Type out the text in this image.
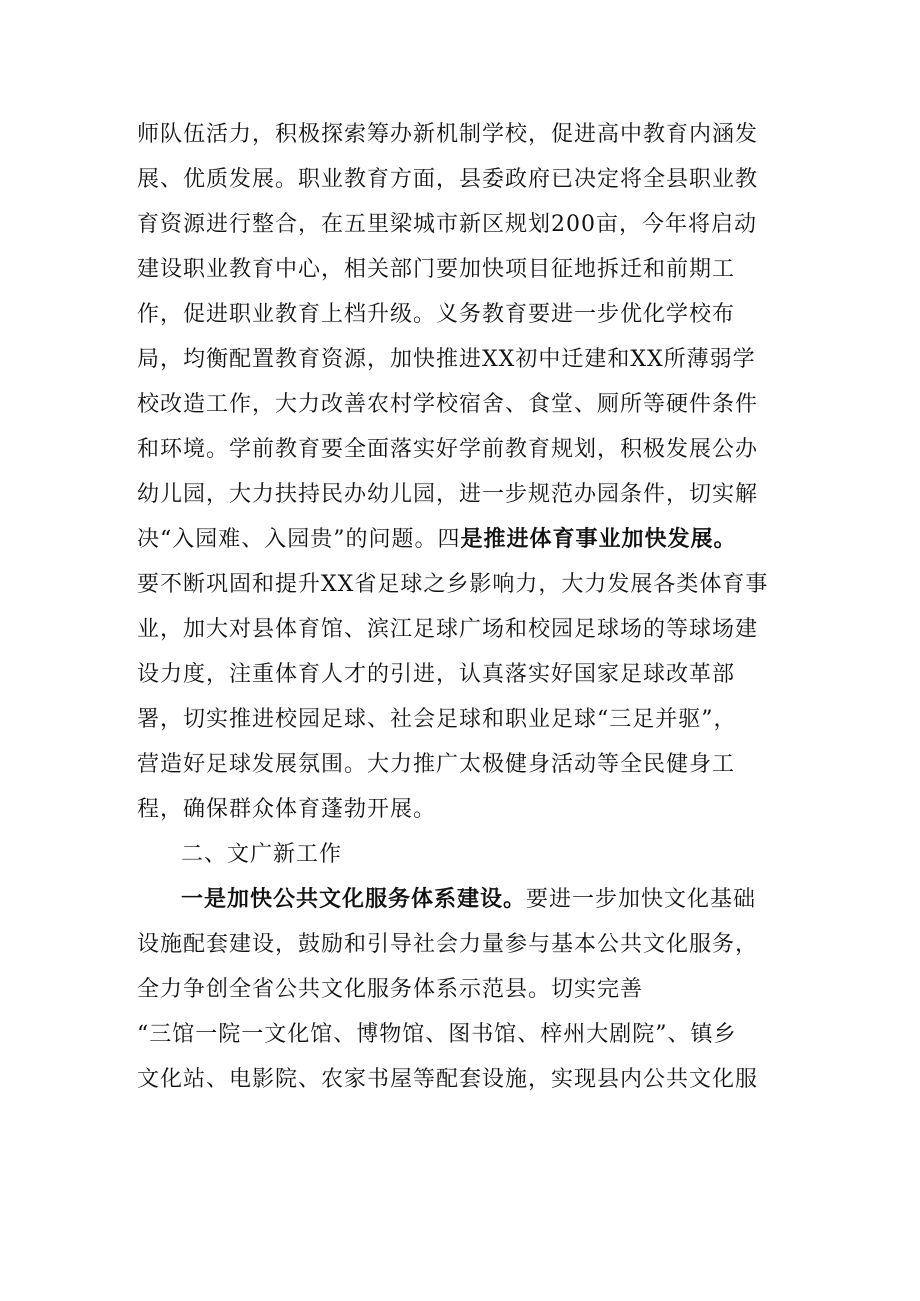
师队伍活力，积极探索筹办新机制学校，促进高中教育内涵发
展、优质发展。职业教育方面，县委政府已决定将全县职业教
育资源进行整合，在五里梁城市新区规划200亩，今年将启动
建设职业教育中心，相关部门要加快项目征地拆迁和前期工
作，促进职业教育上档升级。义务教育要进一步优化学校布
局，均衡配置教育资源，加快推进XX初中迁建和XX所薄弱学
校改造工作，大力改善农村学校宿舍、食堂、厕所等硬件条件
和环境。学前教育要全面落实好学前教育规划，积极发展公办
幼儿园，大力扶持民办幼儿园，进一步规范办园条件，切实解
决“入园难、入园贵”的问题。四是推进体育事业加快发展。
要不断巩固和提升XX省足球之乡影响力，大力发展各类体育事
业，加大对县体育馆、滨江足球广场和校园足球场的等球场建
设力度，注重体育人才的引进，认真落实好国家足球改革部
署，切实推进校园足球、社会足球和职业足球“三足并驱”，
营造好足球发展氛围。大力推广太极健身活动等全民健身工
程，确保群众体育蓬勃开展。
二、文广新工作
一是加快公共文化服务体系建设。要进一步加快文化基础
设施配套建设，鼓励和引导社会力量参与基本公共文化服务，
全力争创全省公共文化服务体系示范县。切实完善
“三馆一院一文化馆、博物馆、图书馆、梓州大剧院”、镇乡
文化站、电影院、农家书屋等配套设施，实现县内公共文化服
